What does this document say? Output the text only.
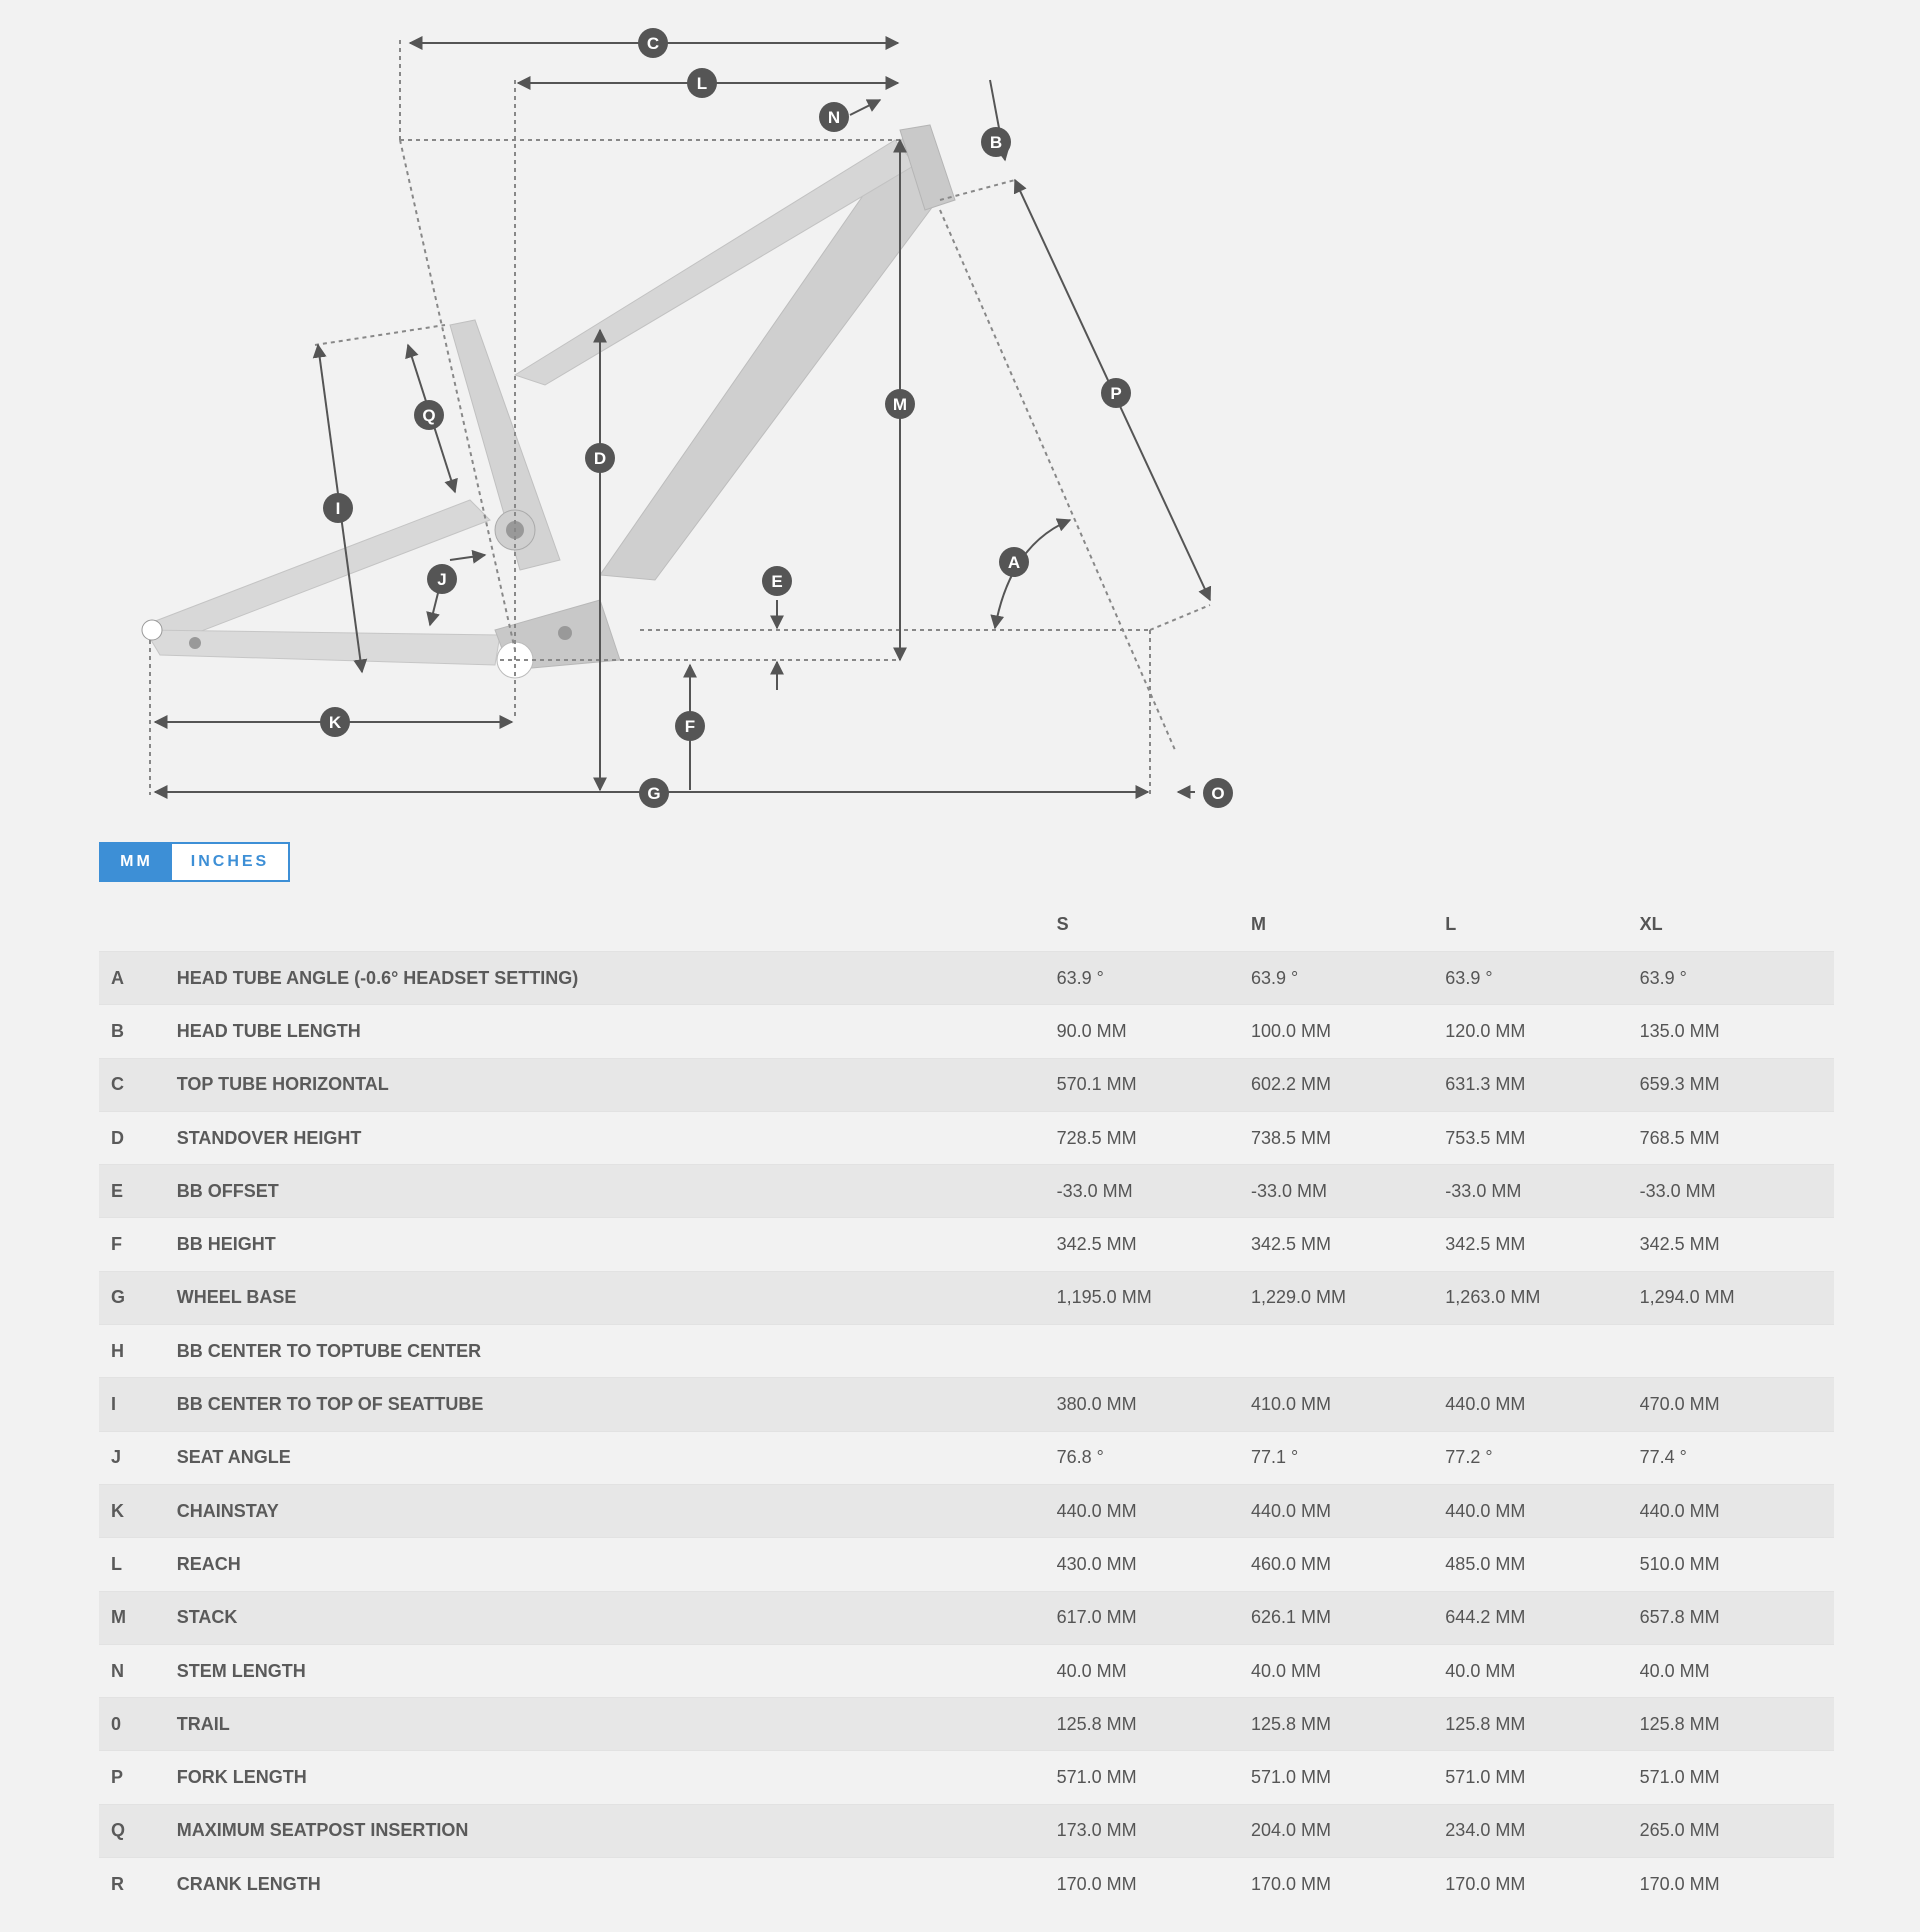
C
L
N
B
P
M
D
Q
I
J	E
A
K	F
G	O
MM	INCHES
		S	M	L	XL
A	HEAD TUBE ANGLE (-0.6° HEADSET SETTING)	63.9 °	63.9 °	63.9 °	63.9 °
B	HEAD TUBE LENGTH	90.0 MM	100.0 MM	120.0 MM	135.0 MM
C	TOP TUBE HORIZONTAL	570.1 MM	602.2 MM	631.3 MM	659.3 MM
D	STANDOVER HEIGHT	728.5 MM	738.5 MM	753.5 MM	768.5 MM
E	BB OFFSET	-33.0 MM	-33.0 MM	-33.0 MM	-33.0 MM
F	BB HEIGHT	342.5 MM	342.5 MM	342.5 MM	342.5 MM
G	WHEEL BASE	1,195.0 MM	1,229.0 MM	1,263.0 MM	1,294.0 MM
H	BB CENTER TO TOPTUBE CENTER				
I	BB CENTER TO TOP OF SEATTUBE	380.0 MM	410.0 MM	440.0 MM	470.0 MM
J	SEAT ANGLE	76.8 °	77.1 °	77.2 °	77.4 °
K	CHAINSTAY	440.0 MM	440.0 MM	440.0 MM	440.0 MM
L	REACH	430.0 MM	460.0 MM	485.0 MM	510.0 MM
M	STACK	617.0 MM	626.1 MM	644.2 MM	657.8 MM
N	STEM LENGTH	40.0 MM	40.0 MM	40.0 MM	40.0 MM
0	TRAIL	125.8 MM	125.8 MM	125.8 MM	125.8 MM
P	FORK LENGTH	571.0 MM	571.0 MM	571.0 MM	571.0 MM
Q	MAXIMUM SEATPOST INSERTION	173.0 MM	204.0 MM	234.0 MM	265.0 MM
R	CRANK LENGTH	170.0 MM	170.0 MM	170.0 MM	170.0 MM
